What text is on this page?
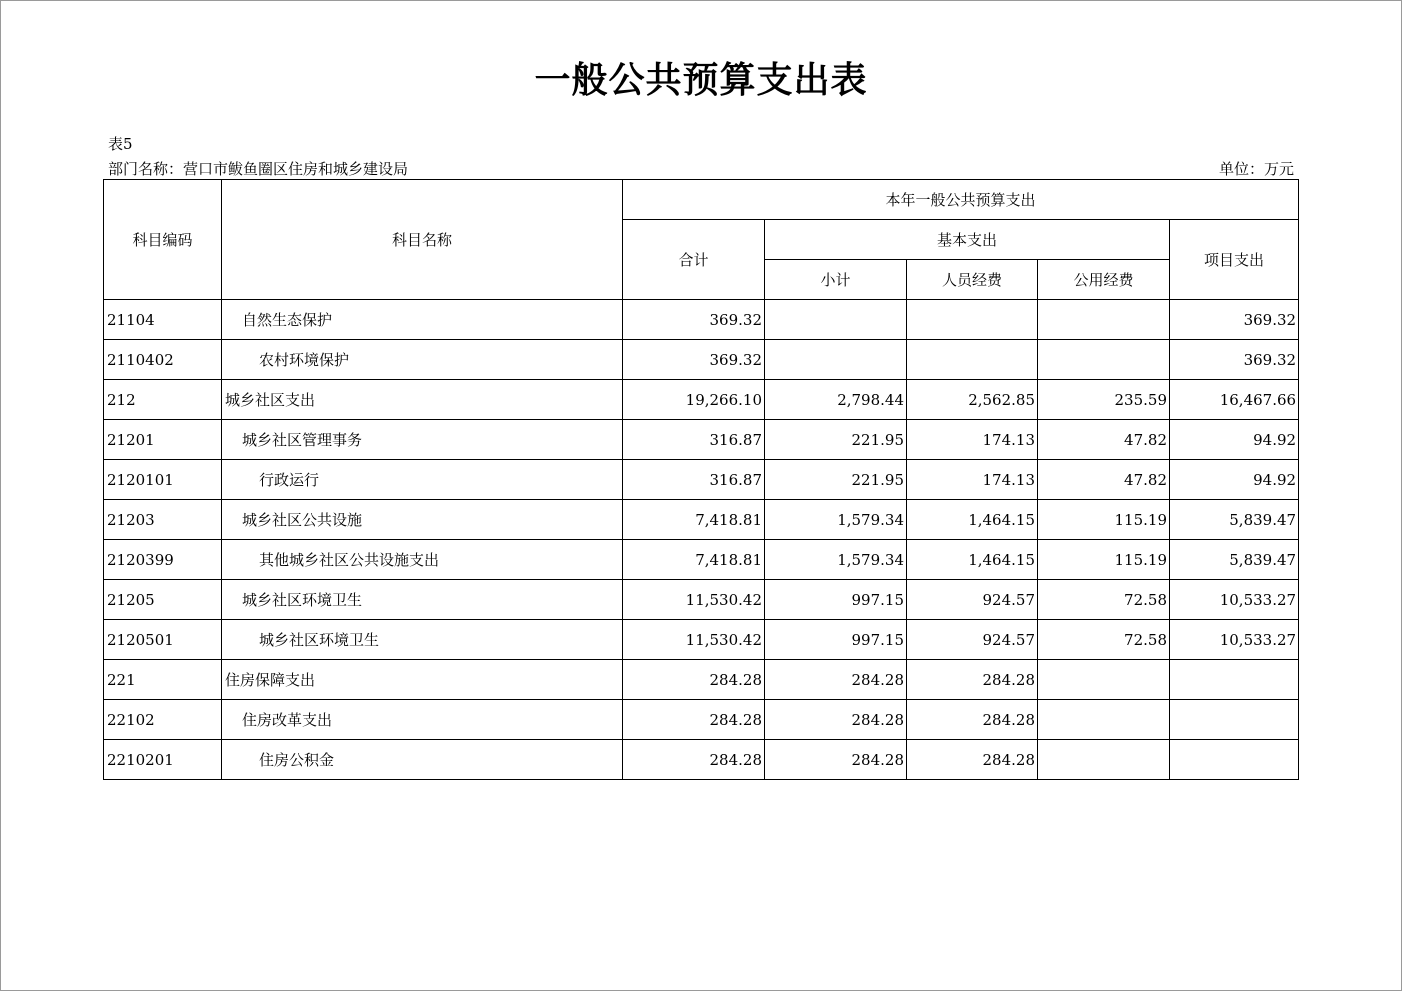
一般公共预算支出表
表5
部门名称：营口市鲅鱼圈区住房和城乡建设局	单位：万元
科目编码	科目名称	本年一般公共预算支出				
		合计	基本支出			项目支出
			小计	人员经费	公用经费	
21104	自然生态保护	369.32				369.32
2110402	农村环境保护	369.32				369.32
212	城乡社区支出	19,266.10	2,798.44	2,562.85	235.59	16,467.66
21201	城乡社区管理事务	316.87	221.95	174.13	47.82	94.92
2120101	行政运行	316.87	221.95	174.13	47.82	94.92
21203	城乡社区公共设施	7,418.81	1,579.34	1,464.15	115.19	5,839.47
2120399	其他城乡社区公共设施支出	7,418.81	1,579.34	1,464.15	115.19	5,839.47
21205	城乡社区环境卫生	11,530.42	997.15	924.57	72.58	10,533.27
2120501	城乡社区环境卫生	11,530.42	997.15	924.57	72.58	10,533.27
221	住房保障支出	284.28	284.28	284.28		
22102	住房改革支出	284.28	284.28	284.28		
2210201	住房公积金	284.28	284.28	284.28		
